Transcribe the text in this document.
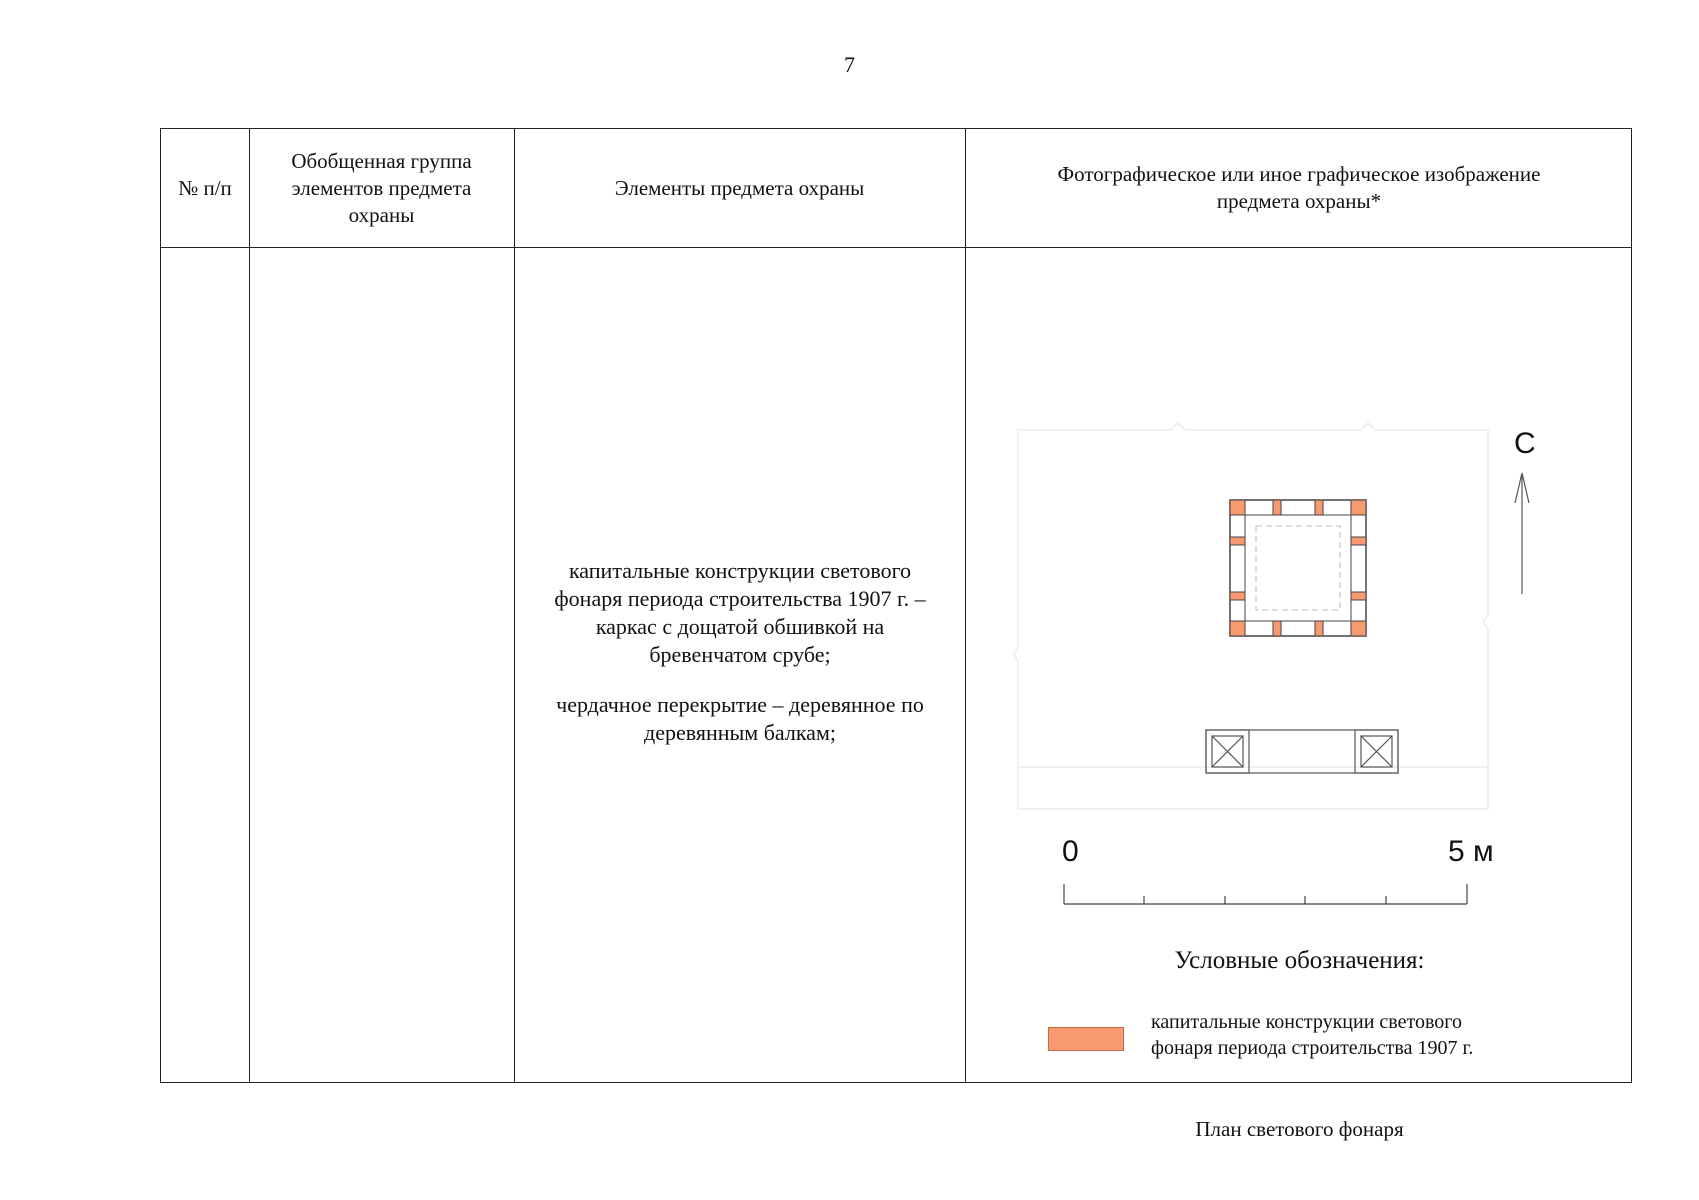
7
№ п/п
Обобщенная группа
элементов предмета
охраны
Элементы предмета охраны
Фотографическое или иное графическое изображение
предмета охраны*

капитальные конструкции светового
фонаря периода строительства 1907 г. –
каркас с дощатой обшивкой на
бревенчатом срубе;

чердачное перекрытие – деревянное по
деревянным балкам;

С
0	5 м
Условные обозначения:
капитальные конструкции светового
фонаря периода строительства 1907 г.
План светового фонаря
